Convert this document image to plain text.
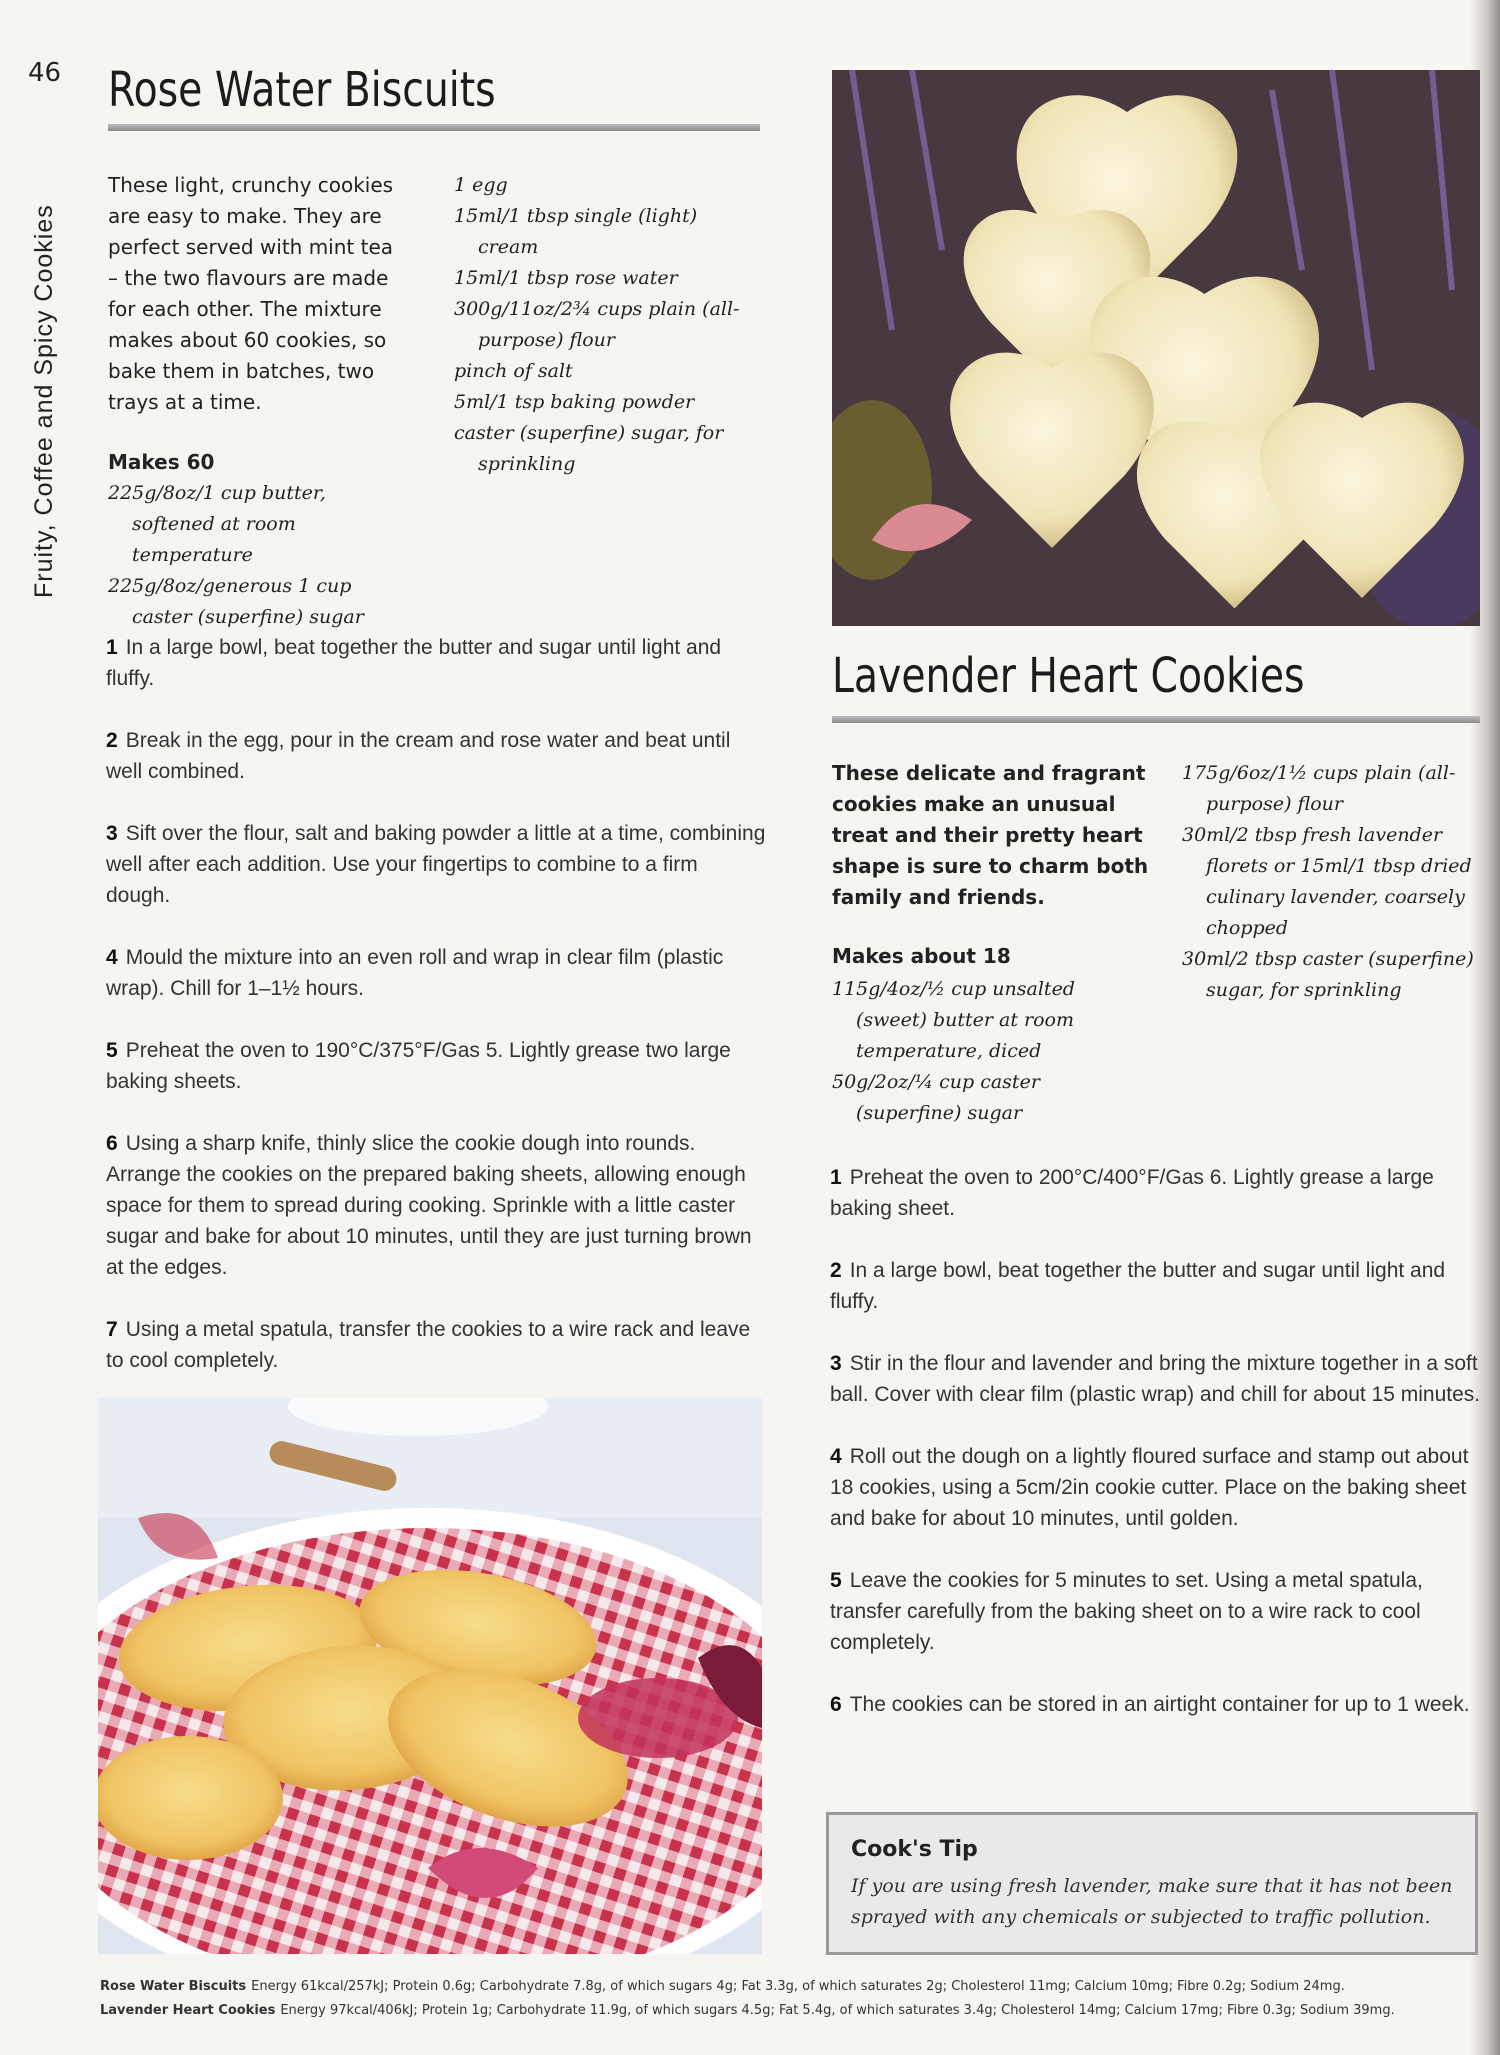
46
Fruity, Coffee and Spicy Cookies
Rose Water Biscuits

These light, crunchy cookies are easy to make. They are perfect served with mint tea – the two flavours are made for each other. The mixture makes about 60 cookies, so bake them in batches, two trays at a time.

1 egg
15ml/1 tbsp single (light) cream
15ml/1 tbsp rose water
300g/11oz/2¾ cups plain (all-purpose) flour
pinch of salt
5ml/1 tsp baking powder
caster (superfine) sugar, for sprinkling
Makes 60
225g/8oz/1 cup butter, softened at room temperature
225g/8oz/generous 1 cup caster (superfine) sugar
1 In a large bowl, beat together the butter and sugar until light and fluffy.
2 Break in the egg, pour in the cream and rose water and beat until well combined.
3 Sift over the flour, salt and baking powder a little at a time, combining well after each addition. Use your fingertips to combine to a firm dough.
4 Mould the mixture into an even roll and wrap in clear film (plastic wrap). Chill for 1–1½ hours.
5 Preheat the oven to 190°C/375°F/Gas 5. Lightly grease two large baking sheets.
6 Using a sharp knife, thinly slice the cookie dough into rounds. Arrange the cookies on the prepared baking sheets, allowing enough space for them to spread during cooking. Sprinkle with a little caster sugar and bake for about 10 minutes, until they are just turning brown at the edges.
7 Using a metal spatula, transfer the cookies to a wire rack and leave to cool completely.
Lavender Heart Cookies

These delicate and fragrant cookies make an unusual treat and their pretty heart shape is sure to charm both family and friends.

Makes about 18
115g/4oz/½ cup unsalted (sweet) butter at room temperature, diced
50g/2oz/¼ cup caster (superfine) sugar
175g/6oz/1½ cups plain (all-purpose) flour
30ml/2 tbsp fresh lavender florets or 15ml/1 tbsp dried culinary lavender, coarsely chopped
30ml/2 tbsp caster (superfine) sugar, for sprinkling
1 Preheat the oven to 200°C/400°F/Gas 6. Lightly grease a large baking sheet.
2 In a large bowl, beat together the butter and sugar until light and fluffy.
3 Stir in the flour and lavender and bring the mixture together in a soft ball. Cover with clear film (plastic wrap) and chill for about 15 minutes.
4 Roll out the dough on a lightly floured surface and stamp out about 18 cookies, using a 5cm/2in cookie cutter. Place on the baking sheet and bake for about 10 minutes, until golden.
5 Leave the cookies for 5 minutes to set. Using a metal spatula, transfer carefully from the baking sheet on to a wire rack to cool completely.
6 The cookies can be stored in an airtight container for up to 1 week.
Cook's Tip
If you are using fresh lavender, make sure that it has not been sprayed with any chemicals or subjected to traffic pollution.
Rose Water Biscuits Energy 61kcal/257kJ; Protein 0.6g; Carbohydrate 7.8g, of which sugars 4g; Fat 3.3g, of which saturates 2g; Cholesterol 11mg; Calcium 10mg; Fibre 0.2g; Sodium 24mg.
Lavender Heart Cookies Energy 97kcal/406kJ; Protein 1g; Carbohydrate 11.9g, of which sugars 4.5g; Fat 5.4g, of which saturates 3.4g; Cholesterol 14mg; Calcium 17mg; Fibre 0.3g; Sodium 39mg.
